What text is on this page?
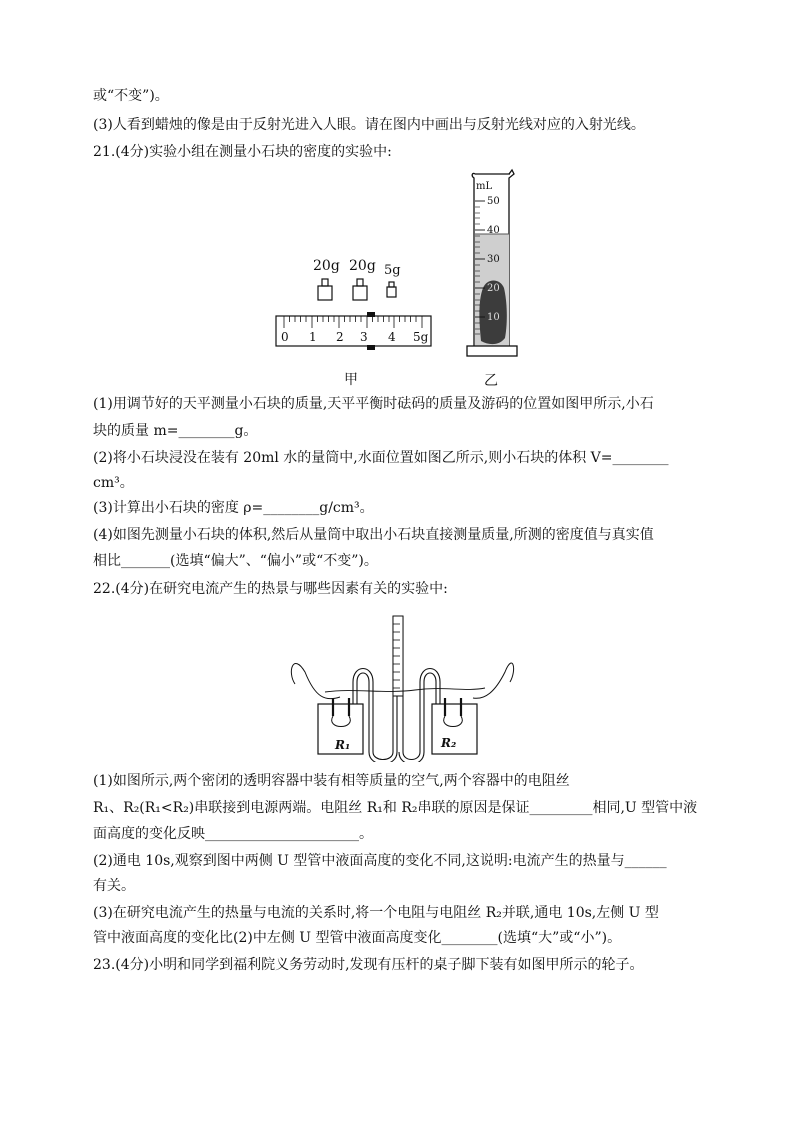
或“不变”)。
(3)人看到蜡烛的像是由于反射光进入人眼。请在图内中画出与反射光线对应的入射光线。
21.(4分)实验小组在测量小石块的密度的实验中:
20g 20g 5g
0 1 2 3 4 5g
甲
mL
50
40
30
20
10
乙
(1)用调节好的天平测量小石块的质量,天平平衡时砝码的质量及游码的位置如图甲所示,小石
块的质量 m=________g。
(2)将小石块浸没在装有 20ml 水的量筒中,水面位置如图乙所示,则小石块的体积 V=________
cm³。
(3)计算出小石块的密度 ρ=________g/cm³。
(4)如图先测量小石块的体积,然后从量筒中取出小石块直接测量质量,所测的密度值与真实值
相比_______(选填“偏大”、“偏小”或“不变”)。
22.(4分)在研究电流产生的热景与哪些因素有关的实验中:
R₁	R₂
(1)如图所示,两个密闭的透明容器中装有相等质量的空气,两个容器中的电阻丝
R₁、R₂(R₁<R₂)串联接到电源两端。电阻丝 R₁和 R₂串联的原因是保证_________相同,U 型管中液
面高度的变化反映______________________。
(2)通电 10s,观察到图中两侧 U 型管中液面高度的变化不同,这说明:电流产生的热量与______
有关。
(3)在研究电流产生的热量与电流的关系时,将一个电阻与电阻丝 R₂并联,通电 10s,左侧 U 型
管中液面高度的变化比(2)中左侧 U 型管中液面高度变化________(选填“大”或“小”)。
23.(4分)小明和同学到福利院义务劳动时,发现有压杆的桌子脚下装有如图甲所示的轮子。
